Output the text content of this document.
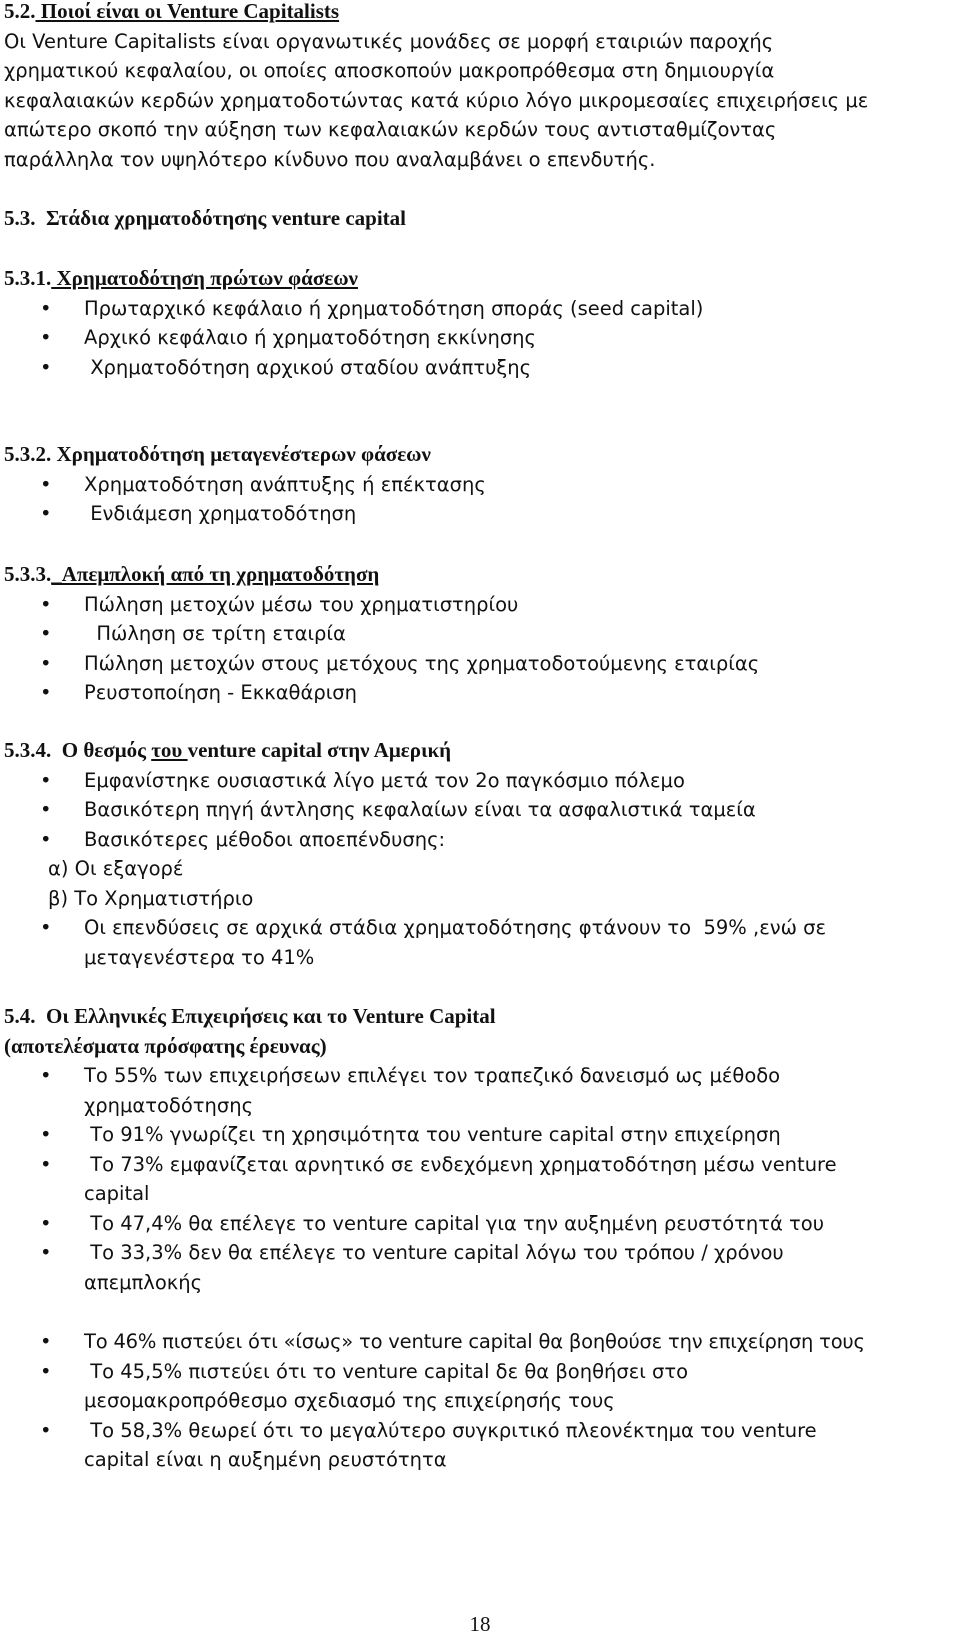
5.2. Ποιοί είναι οι Venture Capitalists
Οι Venture Capitalists είναι οργανωτικές μονάδες σε μορφή εταιριών παροχής
χρηματικού κεφαλαίου, οι οποίες αποσκοπούν μακροπρόθεσμα στη δημιουργία
κεφαλαιακών κερδών χρηματοδοτώντας κατά κύριο λόγο μικρομεσαίες επιχειρήσεις με
απώτερο σκοπό την αύξηση των κεφαλαιακών κερδών τους αντισταθμίζοντας
παράλληλα τον υψηλότερο κίνδυνο που αναλαμβάνει ο επενδυτής.
5.3. Στάδια χρηματοδότησης venture capital
5.3.1. Χρηματοδότηση πρώτων φάσεων
• Πρωταρχικό κεφάλαιο ή χρηματοδότηση σποράς (seed capital)
• Αρχικό κεφάλαιο ή χρηματοδότηση εκκίνησης
• Χρηματοδότηση αρχικού σταδίου ανάπτυξης
5.3.2. Χρηματοδότηση μεταγενέστερων φάσεων
• Χρηματοδότηση ανάπτυξης ή επέκτασης
• Ενδιάμεση χρηματοδότηση
5.3.3._Απεμπλοκή από τη χρηματοδότηση
• Πώληση μετοχών μέσω του χρηματιστηρίου
• Πώληση σε τρίτη εταιρία
• Πώληση μετοχών στους μετόχους της χρηματοδοτούμενης εταιρίας
• Ρευστοποίηση - Εκκαθάριση
5.3.4. Ο θεσμός του venture capital στην Αμερική
• Εμφανίστηκε ουσιαστικά λίγο μετά τον 2ο παγκόσμιο πόλεμο
• Βασικότερη πηγή άντλησης κεφαλαίων είναι τα ασφαλιστικά ταμεία
• Βασικότερες μέθοδοι αποεπένδυσης:
α) Οι εξαγορέ
β) Το Χρηματιστήριο
• Οι επενδύσεις σε αρχικά στάδια χρηματοδότησης φτάνουν το  59% ,ενώ σε
μεταγενέστερα το 41%
5.4. Οι Ελληνικές Επιχειρήσεις και το Venture Capital
(αποτελέσματα πρόσφατης έρευνας)
• Το 55% των επιχειρήσεων επιλέγει τον τραπεζικό δανεισμό ως μέθοδο
χρηματοδότησης
• Το 91% γνωρίζει τη χρησιμότητα του venture capital στην επιχείρηση
• Το 73% εμφανίζεται αρνητικό σε ενδεχόμενη χρηματοδότηση μέσω venture
capital
• Το 47,4% θα επέλεγε το venture capital για την αυξημένη ρευστότητά του
• Το 33,3% δεν θα επέλεγε το venture capital λόγω του τρόπου / χρόνου
απεμπλοκής
• Το 46% πιστεύει ότι «ίσως» το venture capital θα βοηθούσε την επιχείρηση τους
• Το 45,5% πιστεύει ότι το venture capital δε θα βοηθήσει στο
μεσομακροπρόθεσμο σχεδιασμό της επιχείρησής τους
• Το 58,3% θεωρεί ότι το μεγαλύτερο συγκριτικό πλεονέκτημα του venture
capital είναι η αυξημένη ρευστότητα
18
